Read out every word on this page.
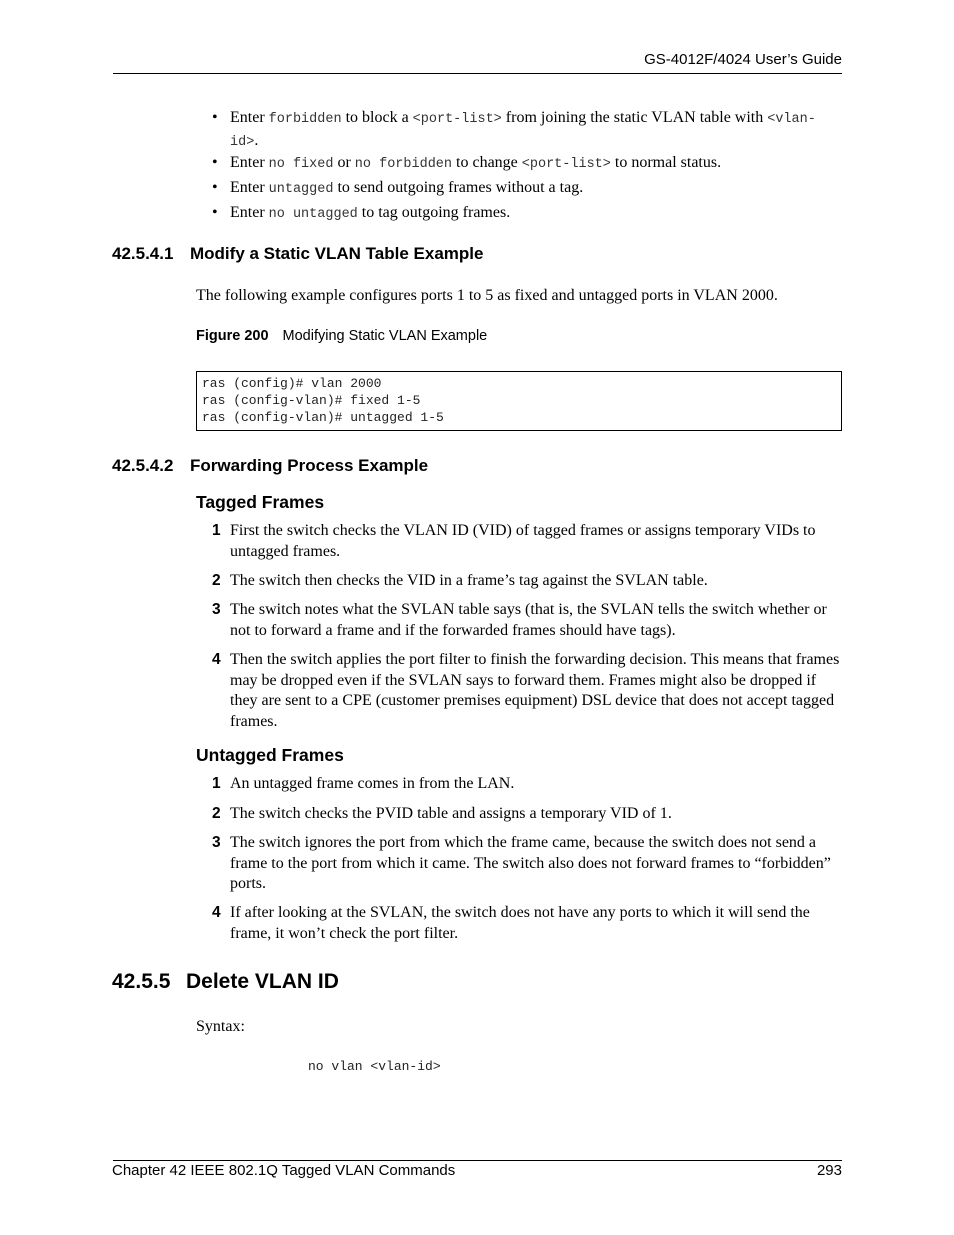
GS-4012F/4024 User’s Guide
• Enter forbidden to block a <port-list> from joining the static VLAN table with <vlan-id>.
• Enter no fixed or no forbidden to change <port-list> to normal status.
• Enter untagged to send outgoing frames without a tag.
• Enter no untagged to tag outgoing frames.
42.5.4.1 Modify a Static VLAN Table Example
The following example configures ports 1 to 5 as fixed and untagged ports in VLAN 2000.
Figure 200 Modifying Static VLAN Example
ras (config)# vlan 2000
ras (config-vlan)# fixed 1-5
ras (config-vlan)# untagged 1-5
42.5.4.2 Forwarding Process Example
Tagged Frames
1 First the switch checks the VLAN ID (VID) of tagged frames or assigns temporary VIDs to untagged frames.
2 The switch then checks the VID in a frame’s tag against the SVLAN table.
3 The switch notes what the SVLAN table says (that is, the SVLAN tells the switch whether or not to forward a frame and if the forwarded frames should have tags).
4 Then the switch applies the port filter to finish the forwarding decision. This means that frames may be dropped even if the SVLAN says to forward them. Frames might also be dropped if they are sent to a CPE (customer premises equipment) DSL device that does not accept tagged frames.
Untagged Frames
1 An untagged frame comes in from the LAN.
2 The switch checks the PVID table and assigns a temporary VID of 1.
3 The switch ignores the port from which the frame came, because the switch does not send a frame to the port from which it came. The switch also does not forward frames to “forbidden” ports.
4 If after looking at the SVLAN, the switch does not have any ports to which it will send the frame, it won’t check the port filter.
42.5.5 Delete VLAN ID
Syntax:
no vlan <vlan-id>
Chapter 42 IEEE 802.1Q Tagged VLAN Commands	293
